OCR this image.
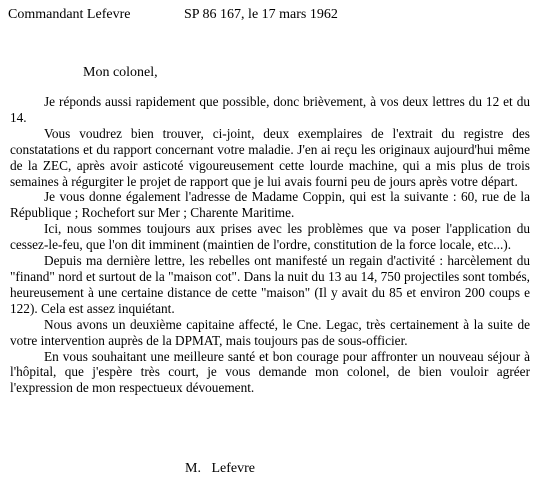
Commandant Lefevre	SP 86 167, le 17 mars 1962
Mon colonel,

Je réponds aussi rapidement que possible, donc brièvement, à vos deux lettres du 12 et du 14.

Vous voudrez bien trouver, ci-joint, deux exemplaires de l'extrait du registre des constatations et du rapport concernant votre maladie. J'en ai reçu les originaux aujourd'hui même de la ZEC, après avoir asticoté vigoureusement cette lourde machine, qui a mis plus de trois semaines à régurgiter le projet de rapport que je lui avais fourni peu de jours après votre départ.

Je vous donne également l'adresse de Madame Coppin, qui est la suivante : 60, rue de la République ; Rochefort sur Mer ; Charente Maritime.

Ici, nous sommes toujours aux prises avec les problèmes que va poser l'application du cessez-le-feu, que l'on dit imminent (maintien de l'ordre, constitution de la force locale, etc...).

Depuis ma dernière lettre, les rebelles ont manifesté un regain d'activité : harcèlement du "finand" nord et surtout de la "maison cot". Dans la nuit du 13 au 14, 750 projectiles sont tombés, heureusement à une certaine distance de cette "maison" (Il y avait du 85 et environ 200 coups e 122). Cela est assez inquiétant.

Nous avons un deuxième capitaine affecté, le Cne. Legac, très certainement à la suite de votre intervention auprès de la DPMAT, mais toujours pas de sous-officier.

En vous souhaitant une meilleure santé et bon courage pour affronter un nouveau séjour à l'hôpital, que j'espère très court, je vous demande mon colonel, de bien vouloir agréer l'expression de mon respectueux dévouement.

M.   Lefevre
